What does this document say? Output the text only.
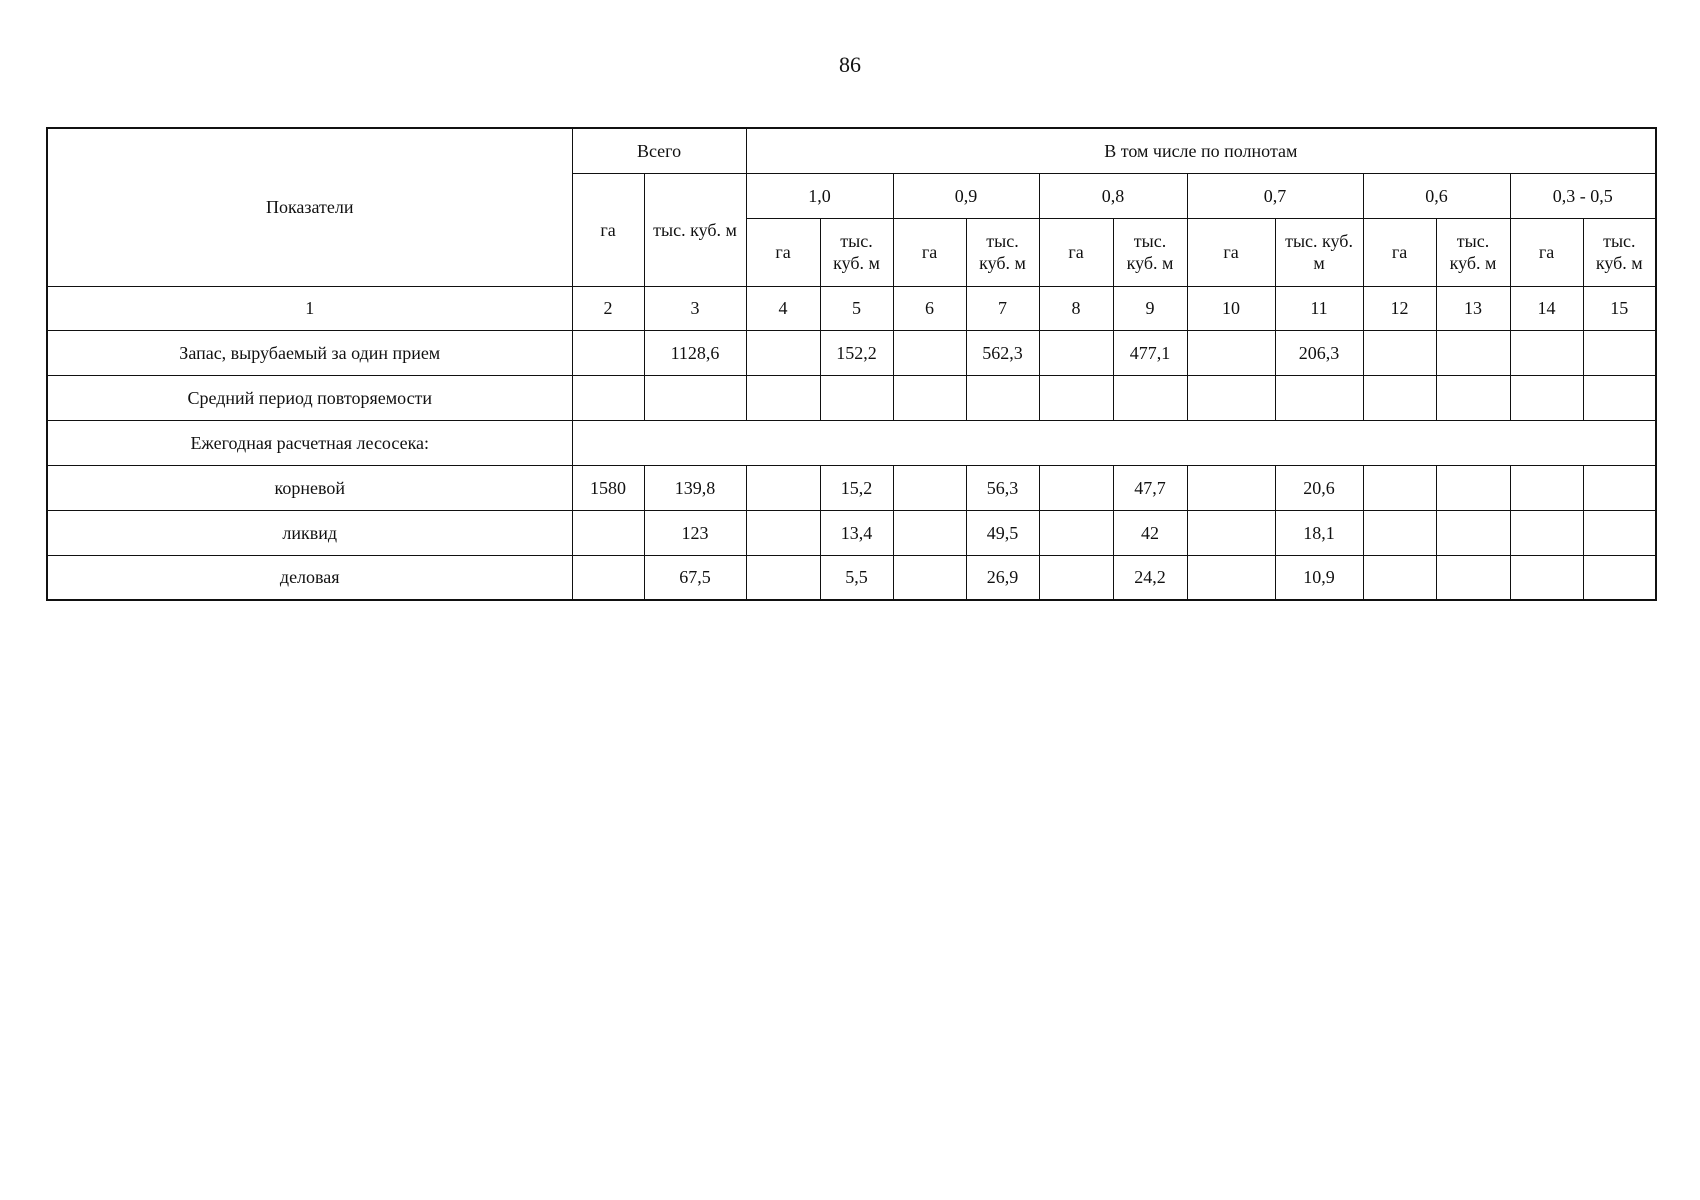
86
Показатели	Всего		В том числе по полнотам											
	га	тыс. куб. м	1,0		0,9		0,8		0,7		0,6		0,3 - 0,5	
			га	тыс. куб. м	га	тыс. куб. м	га	тыс. куб. м	га	тыс. куб. м	га	тыс. куб. м	га	тыс. куб. м
1	2	3	4	5	6	7	8	9	10	11	12	13	14	15
Запас, вырубаемый за один прием		1128,6		152,2		562,3		477,1		206,3				
Средний период повторяемости														
Ежегодная расчетная лесосека:														
корневой	1580	139,8		15,2		56,3		47,7		20,6				
ликвид		123		13,4		49,5		42		18,1				
деловая		67,5		5,5		26,9		24,2		10,9				
